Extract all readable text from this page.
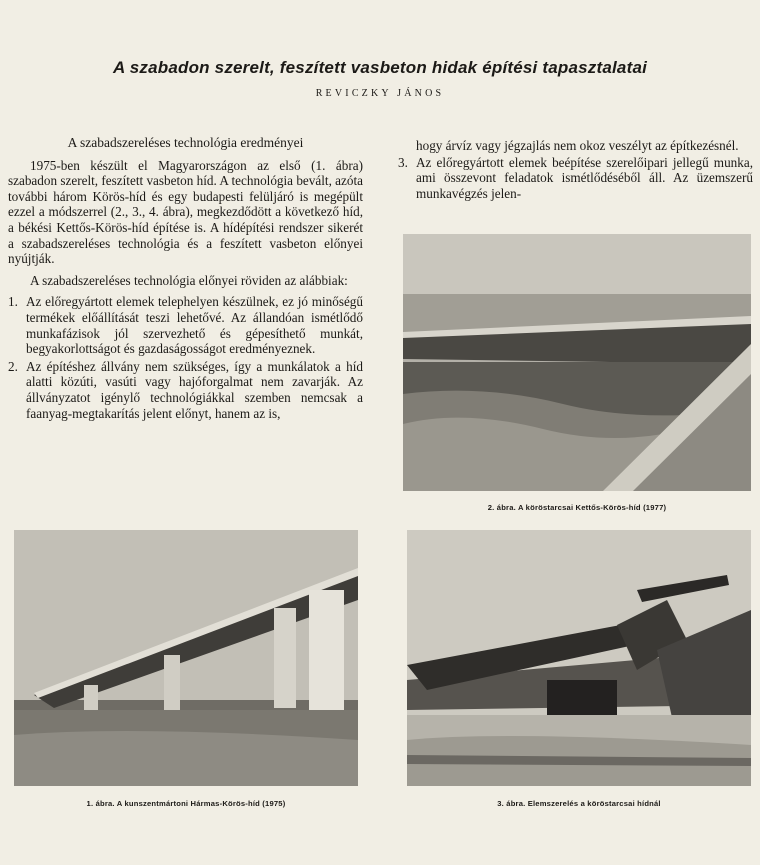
A szabadon szerelt, feszített vasbeton hidak építési tapasztalatai
REVICZKY JÁNOS
A szabadszereléses technológia eredményei

1975-ben készült el Magyarországon az első (1. ábra) szabadon szerelt, feszített vasbeton híd. A technológia bevált, azóta további három Körös-híd és egy budapesti felüljáró is megépült ezzel a módszerrel (2., 3., 4. ábra), megkezdődött a következő híd, a békési Kettős-Körös-híd építése is. A hídépítési rendszer sikerét a szabadszereléses technológia és a feszített vasbeton előnyei nyújtják.

A szabadszereléses technológia előnyei röviden az alábbiak:

1. Az előregyártott elemek telephelyen készülnek, ez jó minőségű termékek előállítását teszi lehetővé. Az állandóan ismétlődő munkafázisok jól szervezhető és gépesíthető munkát, begyakorlottságot és gazdaságosságot eredményeznek.
2. Az építéshez állvány nem szükséges, így a munkálatok a híd alatti közúti, vasúti vagy hajóforgalmat nem zavarják. Az állványzatot igénylő technológiákkal szemben nemcsak a faanyag-megtakarítás jelent előnyt, hanem az is,
hogy árvíz vagy jégzajlás nem okoz veszélyt az építkezésnél.
3. Az előregyártott elemek beépítése szerelőipari jellegű munka, ami összevont feladatok ismétlődéséből áll. Az üzemszerű munkavégzés jelen-
2. ábra. A köröstarcsai Kettős-Körös-híd (1977)
1. ábra. A kunszentmártoni Hármas-Körös-híd (1975)	3. ábra. Elemszerelés a köröstarcsai hídnál
